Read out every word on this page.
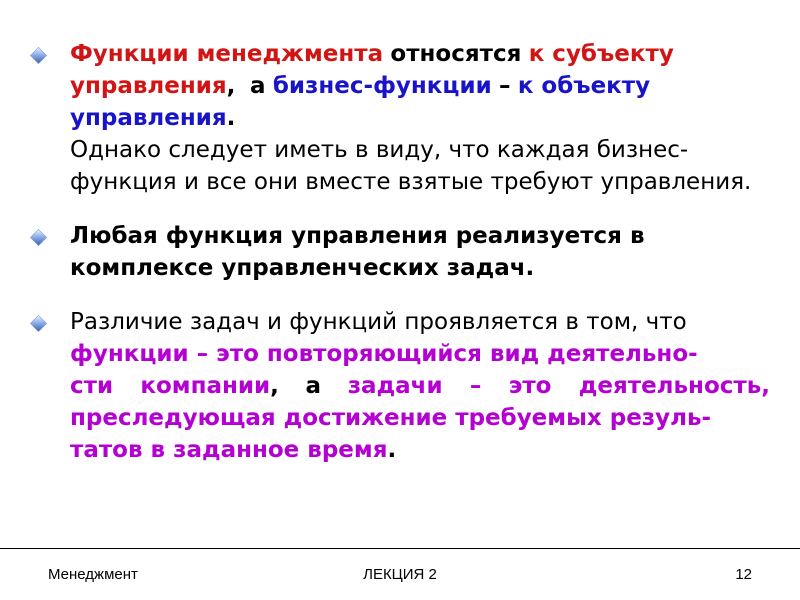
Функции менеджмента относятся к субъекту
управления, а бизнес-функции – к объекту
управления.
Однако следует иметь в виду, что каждая бизнес-
функция и все они вместе взятые требуют управления.
Любая функция управления реализуется в
комплексе управленческих задач.
Различие задач и функций проявляется в том, что
функции – это повторяющийся вид деятельно-
сти компании, а задачи – это деятельность,
преследующая достижение требуемых резуль-
татов в заданное время.
Менеджмент	ЛЕКЦИЯ 2	12
